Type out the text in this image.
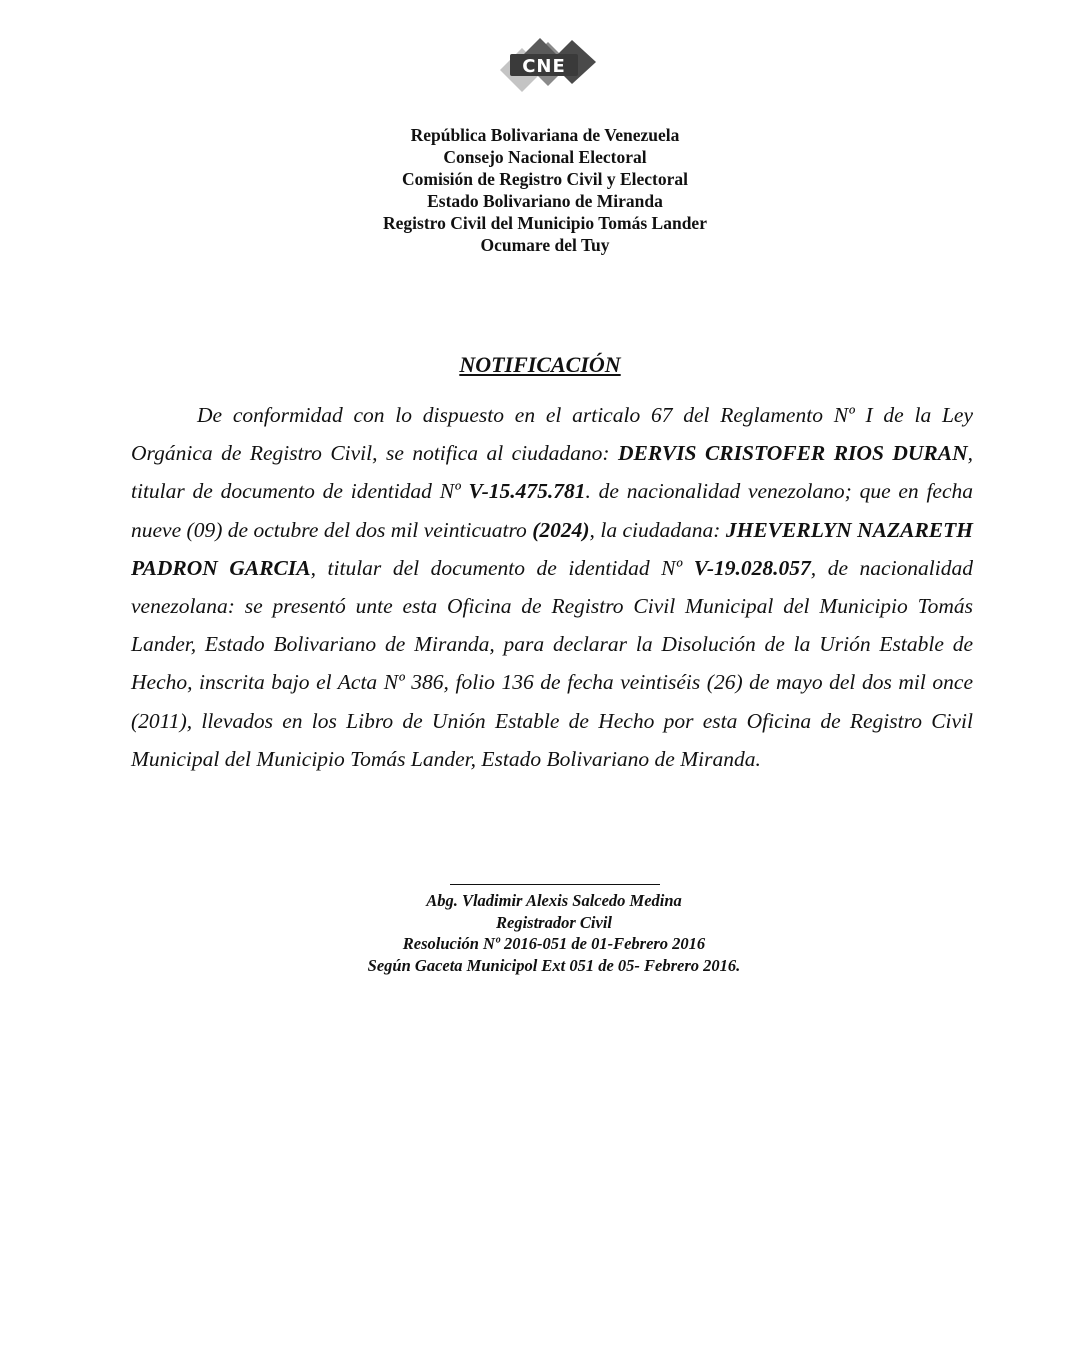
CNE
República Bolivariana de Venezuela
Consejo Nacional Electoral
Comisión de Registro Civil y Electoral
Estado Bolivariano de Miranda
Registro Civil del Municipio Tomás Lander
Ocumare del Tuy
NOTIFICACIÓN

De conformidad con lo dispuesto en el articalo 67 del Reglamento Nº I de la Ley Orgánica de Registro Civil, se notifica al ciudadano: DERVIS CRISTOFER RIOS DURAN, titular de documento de identidad Nº V-15.475.781. de nacionalidad venezolano; que en fecha nueve (09) de octubre del dos mil veinticuatro (2024), la ciudadana: JHEVERLYN NAZARETH PADRON GARCIA, titular del documento de identidad Nº V-19.028.057, de nacionalidad venezolana: se presentó unte esta Oficina de Registro Civil Municipal del Municipio Tomás Lander, Estado Bolivariano de Miranda, para declarar la Disolución de la Urión Estable de Hecho, inscrita bajo el Acta Nº 386, folio 136 de fecha veintiséis (26) de mayo del dos mil once (2011), llevados en los Libro de Unión Estable de Hecho por esta Oficina de Registro Civil Municipal del Municipio Tomás Lander, Estado Bolivariano de Miranda.

Abg. Vladimir Alexis Salcedo Medina
Registrador Civil
Resolución Nº 2016-051 de 01-Febrero 2016
Según Gaceta Municipol Ext 051 de 05- Febrero 2016.
